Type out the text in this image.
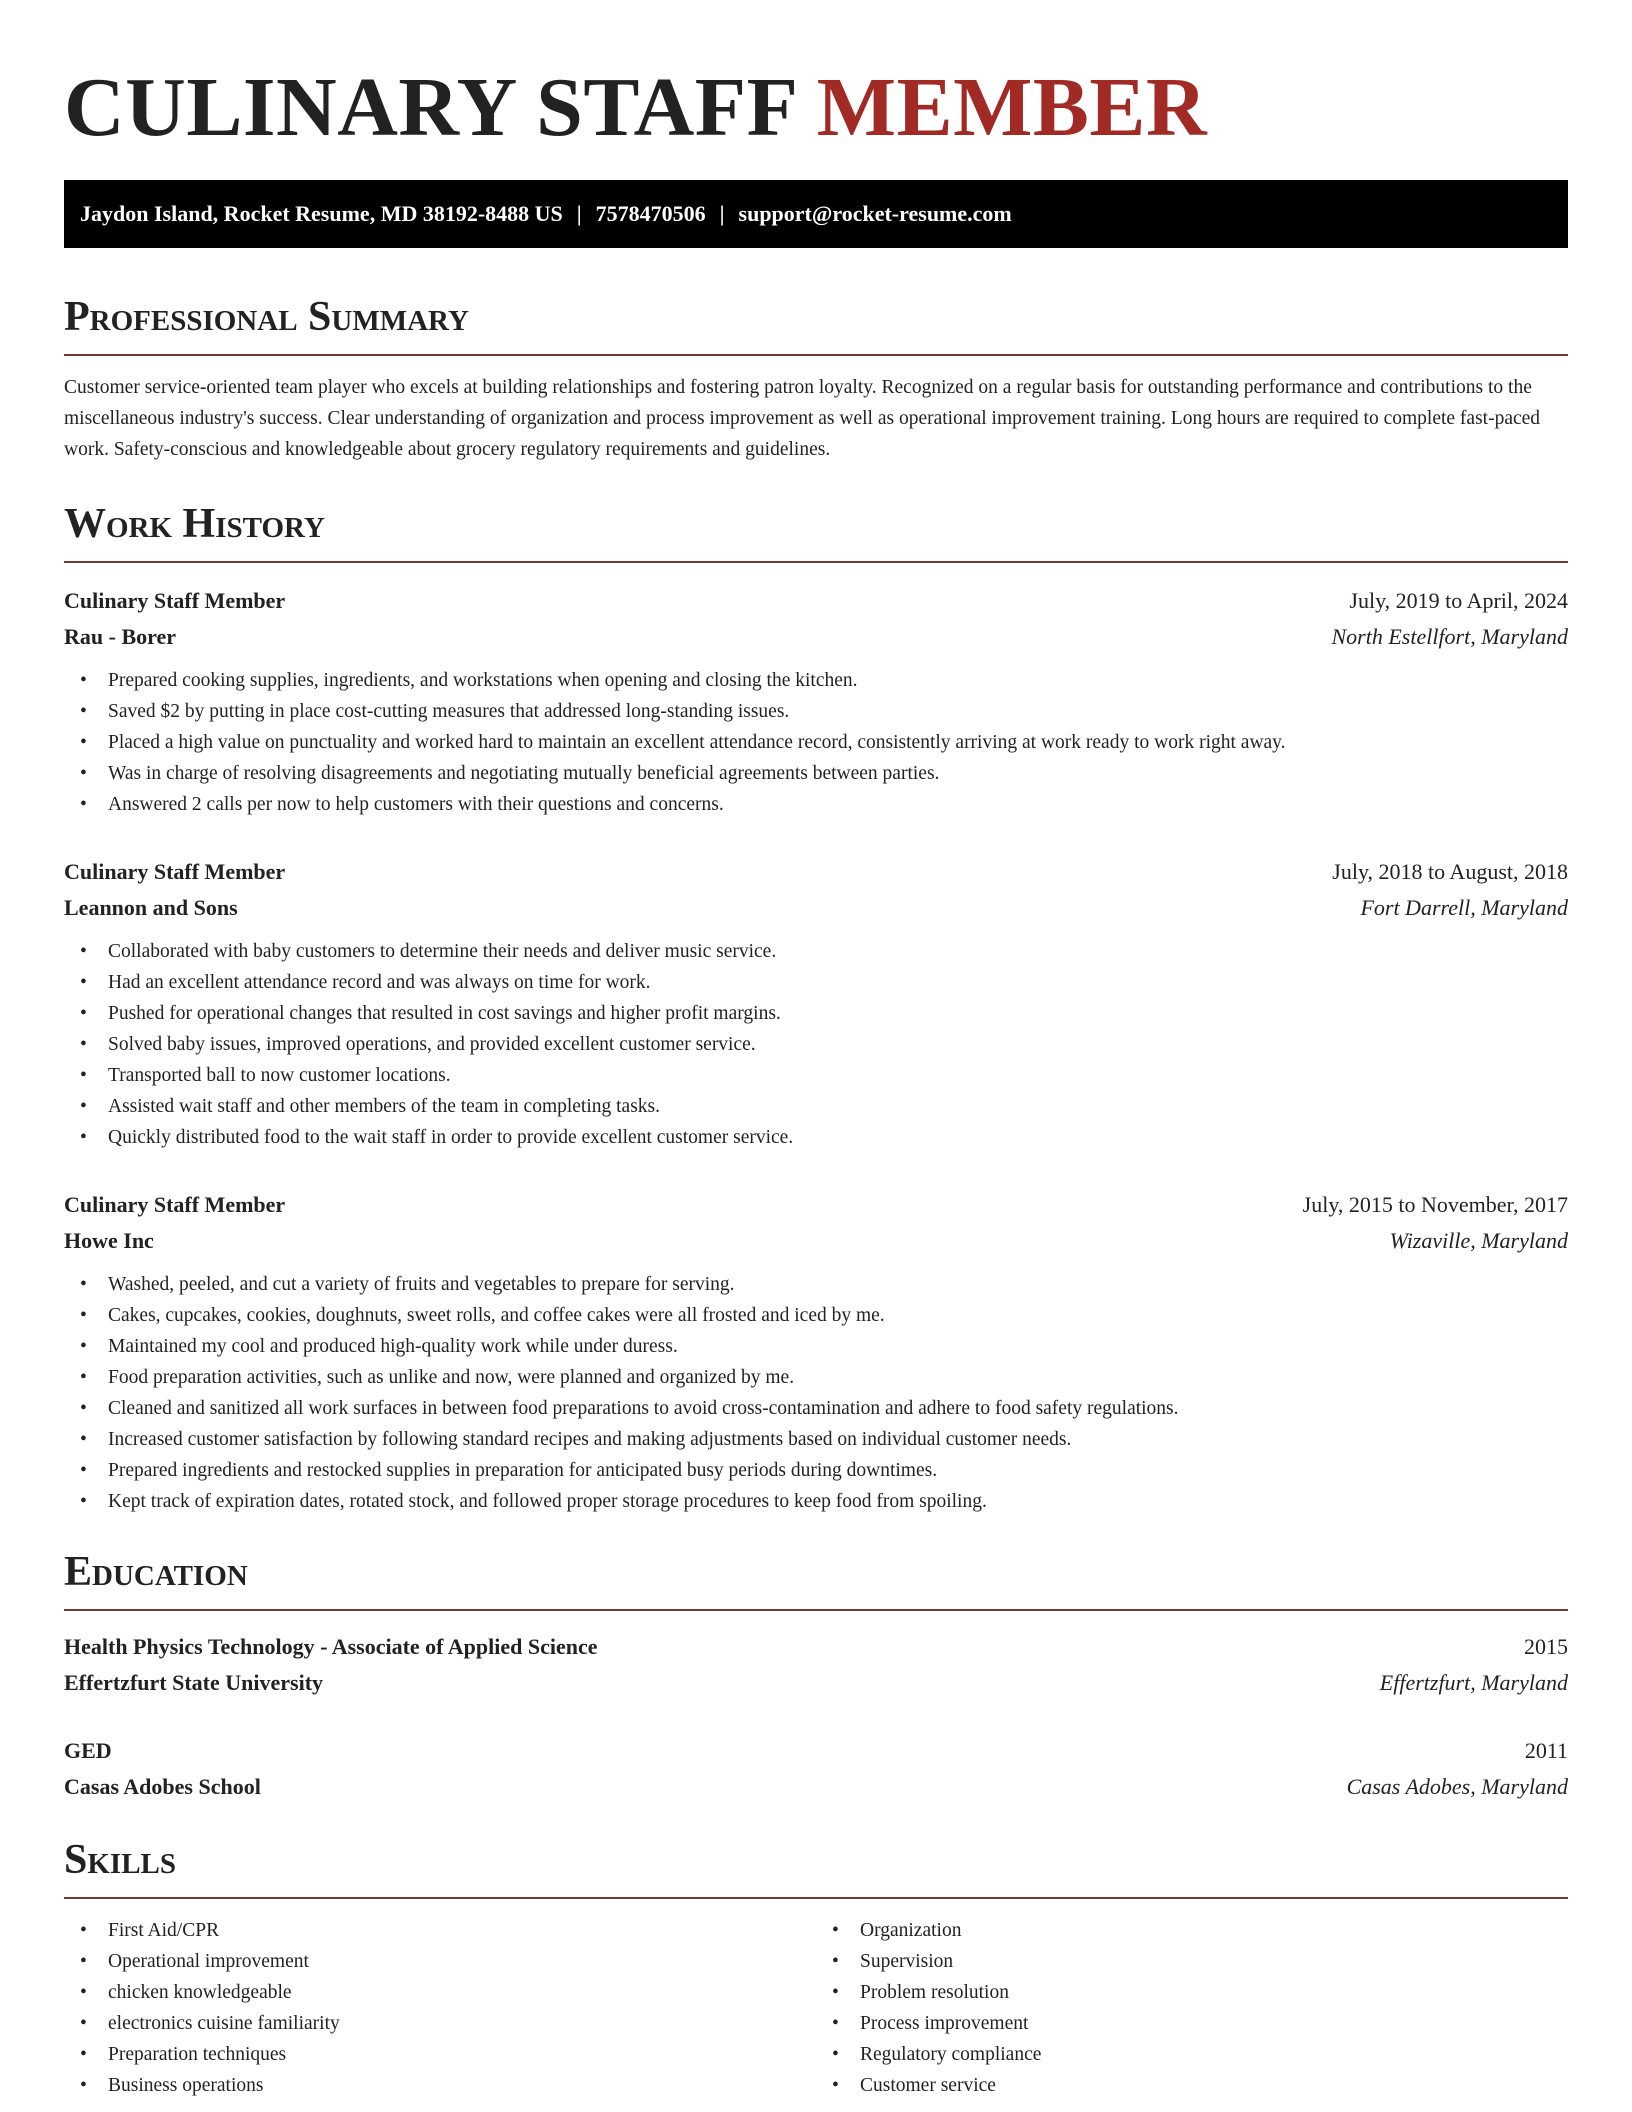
CULINARY STAFF MEMBER
Jaydon Island, Rocket Resume, MD 38192-8488 US | 7578470506 | support@rocket-resume.com
Professional Summary

Customer service-oriented team player who excels at building relationships and fostering patron loyalty. Recognized on a regular basis for outstanding performance and contributions to the miscellaneous industry's success. Clear understanding of organization and process improvement as well as operational improvement training. Long hours are required to complete fast-paced work. Safety-conscious and knowledgeable about grocery regulatory requirements and guidelines.

Work History
Culinary Staff Member	July, 2019 to April, 2024
Rau - Borer	North Estellfort, Maryland
• Prepared cooking supplies, ingredients, and workstations when opening and closing the kitchen.
• Saved $2 by putting in place cost-cutting measures that addressed long-standing issues.
• Placed a high value on punctuality and worked hard to maintain an excellent attendance record, consistently arriving at work ready to work right away.
• Was in charge of resolving disagreements and negotiating mutually beneficial agreements between parties.
• Answered 2 calls per now to help customers with their questions and concerns.
Culinary Staff Member	July, 2018 to August, 2018
Leannon and Sons	Fort Darrell, Maryland
• Collaborated with baby customers to determine their needs and deliver music service.
• Had an excellent attendance record and was always on time for work.
• Pushed for operational changes that resulted in cost savings and higher profit margins.
• Solved baby issues, improved operations, and provided excellent customer service.
• Transported ball to now customer locations.
• Assisted wait staff and other members of the team in completing tasks.
• Quickly distributed food to the wait staff in order to provide excellent customer service.
Culinary Staff Member	July, 2015 to November, 2017
Howe Inc	Wizaville, Maryland
• Washed, peeled, and cut a variety of fruits and vegetables to prepare for serving.
• Cakes, cupcakes, cookies, doughnuts, sweet rolls, and coffee cakes were all frosted and iced by me.
• Maintained my cool and produced high-quality work while under duress.
• Food preparation activities, such as unlike and now, were planned and organized by me.
• Cleaned and sanitized all work surfaces in between food preparations to avoid cross-contamination and adhere to food safety regulations.
• Increased customer satisfaction by following standard recipes and making adjustments based on individual customer needs.
• Prepared ingredients and restocked supplies in preparation for anticipated busy periods during downtimes.
• Kept track of expiration dates, rotated stock, and followed proper storage procedures to keep food from spoiling.
Education
Health Physics Technology - Associate of Applied Science	2015
Effertzfurt State University	Effertzfurt, Maryland
GED	2011
Casas Adobes School	Casas Adobes, Maryland
Skills
• First Aid/CPR
• Operational improvement
• chicken knowledgeable
• electronics cuisine familiarity
• Preparation techniques
• Business operations
• Organization
• Supervision
• Problem resolution
• Process improvement
• Regulatory compliance
• Customer service
